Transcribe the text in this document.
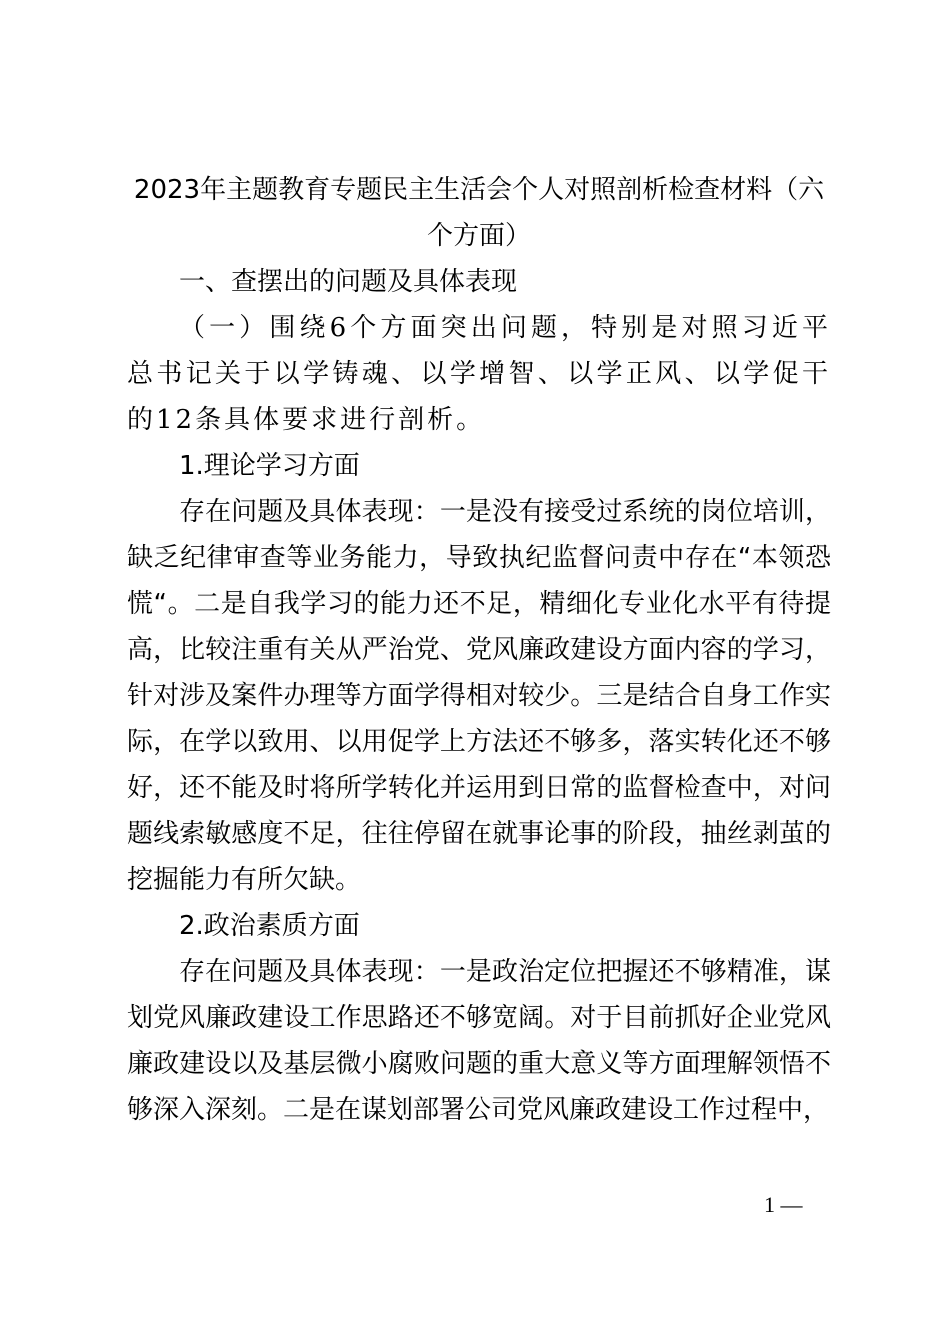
2023年主题教育专题民主生活会个人对照剖析检查材料（六个方面）

一、查摆出的问题及具体表现

（一）围绕6个方面突出问题，特别是对照习近平总书记关于以学铸魂、以学增智、以学正风、以学促干的12条具体要求进行剖析。

1.理论学习方面

存在问题及具体表现：一是没有接受过系统的岗位培训，缺乏纪律审查等业务能力，导致执纪监督问责中存在“本领恐慌“。二是自我学习的能力还不足，精细化专业化水平有待提高，比较注重有关从严治党、党风廉政建设方面内容的学习，针对涉及案件办理等方面学得相对较少。三是结合自身工作实际，在学以致用、以用促学上方法还不够多，落实转化还不够好，还不能及时将所学转化并运用到日常的监督检查中，对问题线索敏感度不足，往往停留在就事论事的阶段，抽丝剥茧的挖掘能力有所欠缺。

2.政治素质方面

存在问题及具体表现：一是政治定位把握还不够精准，谋划党风廉政建设工作思路还不够宽阔。对于目前抓好企业党风廉政建设以及基层微小腐败问题的重大意义等方面理解领悟不够深入深刻。二是在谋划部署公司党风廉政建设工作过程中，

1 —
